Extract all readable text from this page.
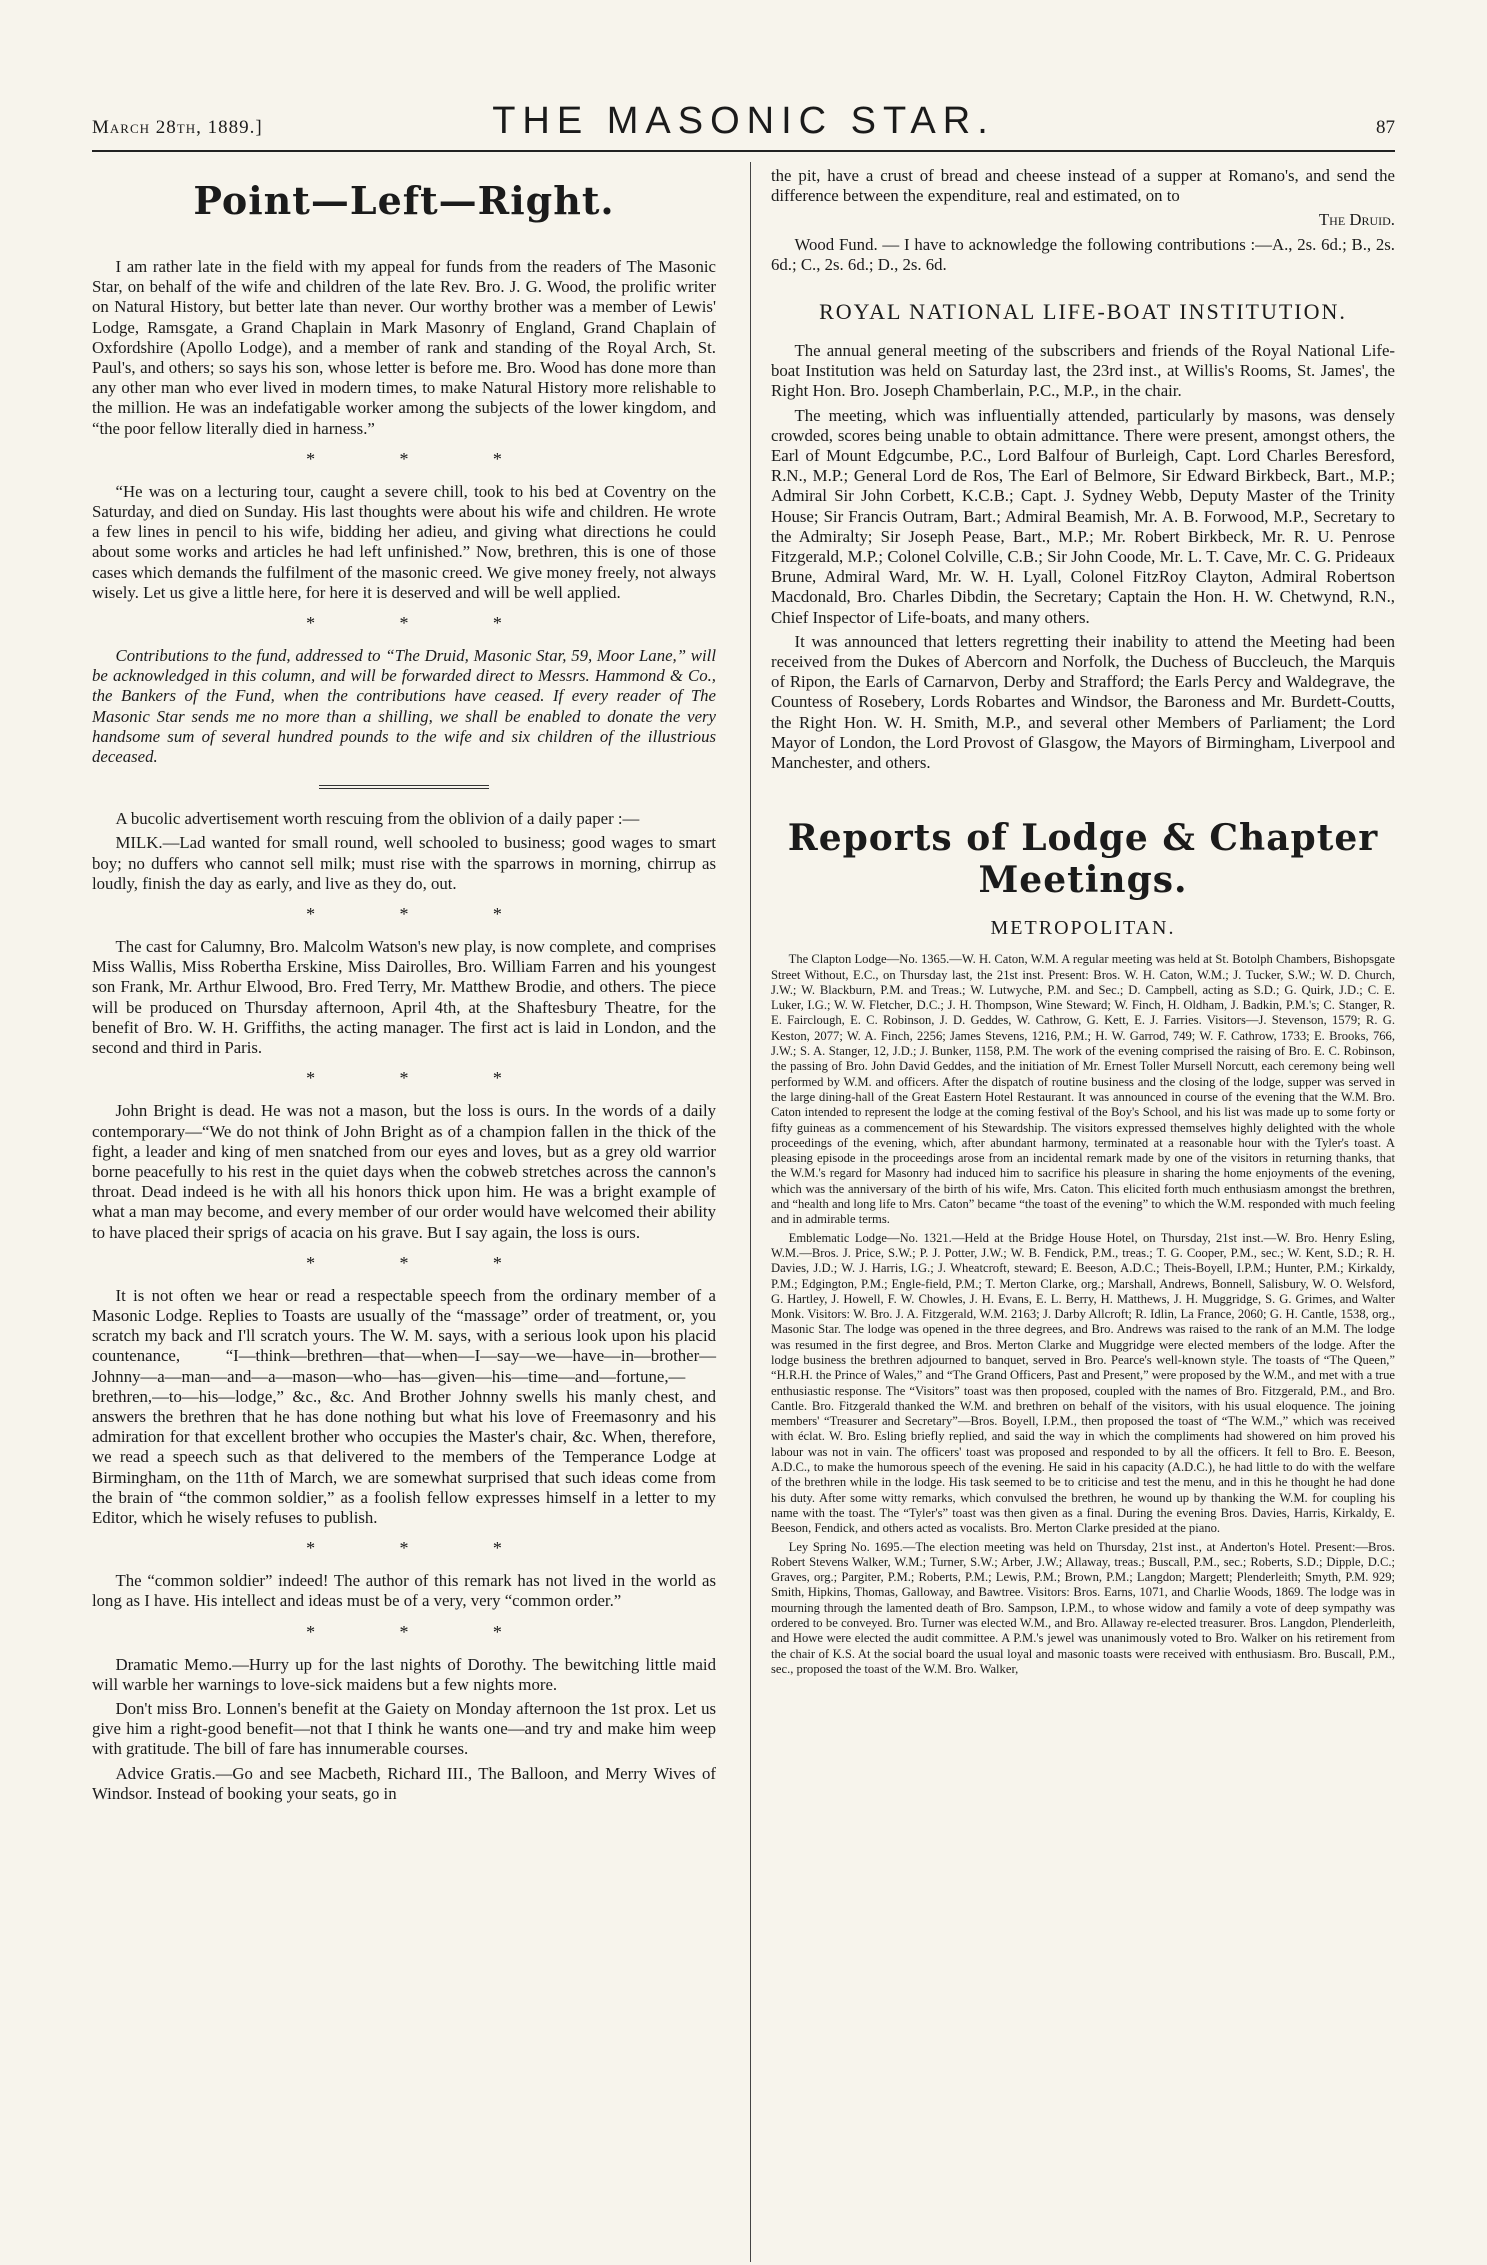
March 28th, 1889.]	THE MASONIC STAR.	87
Point—Left—Right.

I am rather late in the field with my appeal for funds from the readers of The Masonic Star, on behalf of the wife and children of the late Rev. Bro. J. G. Wood, the prolific writer on Natural History, but better late than never. Our worthy brother was a member of Lewis' Lodge, Ramsgate, a Grand Chaplain in Mark Masonry of England, Grand Chaplain of Oxfordshire (Apollo Lodge), and a member of rank and standing of the Royal Arch, St. Paul's, and others; so says his son, whose letter is before me. Bro. Wood has done more than any other man who ever lived in modern times, to make Natural History more relishable to the million. He was an indefatigable worker among the subjects of the lower kingdom, and “the poor fellow literally died in harness.”

*	*	*

“He was on a lecturing tour, caught a severe chill, took to his bed at Coventry on the Saturday, and died on Sunday. His last thoughts were about his wife and children. He wrote a few lines in pencil to his wife, bidding her adieu, and giving what directions he could about some works and articles he had left unfinished.” Now, brethren, this is one of those cases which demands the fulfilment of the masonic creed. We give money freely, not always wisely. Let us give a little here, for here it is deserved and will be well applied.

*	*	*

Contributions to the fund, addressed to “The Druid, Masonic Star, 59, Moor Lane,” will be acknowledged in this column, and will be forwarded direct to Messrs. Hammond & Co., the Bankers of the Fund, when the contributions have ceased. If every reader of The Masonic Star sends me no more than a shilling, we shall be enabled to donate the very handsome sum of several hundred pounds to the wife and six children of the illustrious deceased.

A bucolic advertisement worth rescuing from the oblivion of a daily paper :—

MILK.—Lad wanted for small round, well schooled to business; good wages to smart boy; no duffers who cannot sell milk; must rise with the sparrows in morning, chirrup as loudly, finish the day as early, and live as they do, out.

*	*	*

The cast for Calumny, Bro. Malcolm Watson's new play, is now complete, and comprises Miss Wallis, Miss Robertha Erskine, Miss Dairolles, Bro. William Farren and his youngest son Frank, Mr. Arthur Elwood, Bro. Fred Terry, Mr. Matthew Brodie, and others. The piece will be produced on Thursday afternoon, April 4th, at the Shaftesbury Theatre, for the benefit of Bro. W. H. Griffiths, the acting manager. The first act is laid in London, and the second and third in Paris.

*	*	*

John Bright is dead. He was not a mason, but the loss is ours. In the words of a daily contemporary—“We do not think of John Bright as of a champion fallen in the thick of the fight, a leader and king of men snatched from our eyes and loves, but as a grey old warrior borne peacefully to his rest in the quiet days when the cobweb stretches across the cannon's throat. Dead indeed is he with all his honors thick upon him. He was a bright example of what a man may become, and every member of our order would have welcomed their ability to have placed their sprigs of acacia on his grave. But I say again, the loss is ours.

*	*	*

It is not often we hear or read a respectable speech from the ordinary member of a Masonic Lodge. Replies to Toasts are usually of the “massage” order of treatment, or, you scratch my back and I'll scratch yours. The W. M. says, with a serious look upon his placid countenance, “I—think—brethren—that—when—I—say—we—have—in—brother—Johnny—a—man—and—a—mason—who—has—given—his—time—and—fortune,—brethren,—to—his—lodge,” &c., &c. And Brother Johnny swells his manly chest, and answers the brethren that he has done nothing but what his love of Freemasonry and his admiration for that excellent brother who occupies the Master's chair, &c. When, therefore, we read a speech such as that delivered to the members of the Temperance Lodge at Birmingham, on the 11th of March, we are somewhat surprised that such ideas come from the brain of “the common soldier,” as a foolish fellow expresses himself in a letter to my Editor, which he wisely refuses to publish.

*	*	*

The “common soldier” indeed! The author of this remark has not lived in the world as long as I have. His intellect and ideas must be of a very, very “common order.”

*	*	*

Dramatic Memo.—Hurry up for the last nights of Dorothy. The bewitching little maid will warble her warnings to love-sick maidens but a few nights more.

Don't miss Bro. Lonnen's benefit at the Gaiety on Monday afternoon the 1st prox. Let us give him a right-good benefit—not that I think he wants one—and try and make him weep with gratitude. The bill of fare has innumerable courses.

Advice Gratis.—Go and see Macbeth, Richard III., The Balloon, and Merry Wives of Windsor. Instead of booking your seats, go in

the pit, have a crust of bread and cheese instead of a supper at Romano's, and send the difference between the expenditure, real and estimated, on to

The Druid.

Wood Fund. — I have to acknowledge the following contributions :—A., 2s. 6d.; B., 2s. 6d.; C., 2s. 6d.; D., 2s. 6d.

ROYAL NATIONAL LIFE-BOAT INSTITUTION.

The annual general meeting of the subscribers and friends of the Royal National Life-boat Institution was held on Saturday last, the 23rd inst., at Willis's Rooms, St. James', the Right Hon. Bro. Joseph Chamberlain, P.C., M.P., in the chair.

The meeting, which was influentially attended, particularly by masons, was densely crowded, scores being unable to obtain admittance. There were present, amongst others, the Earl of Mount Edgcumbe, P.C., Lord Balfour of Burleigh, Capt. Lord Charles Beresford, R.N., M.P.; General Lord de Ros, The Earl of Belmore, Sir Edward Birkbeck, Bart., M.P.; Admiral Sir John Corbett, K.C.B.; Capt. J. Sydney Webb, Deputy Master of the Trinity House; Sir Francis Outram, Bart.; Admiral Beamish, Mr. A. B. Forwood, M.P., Secretary to the Admiralty; Sir Joseph Pease, Bart., M.P.; Mr. Robert Birkbeck, Mr. R. U. Penrose Fitzgerald, M.P.; Colonel Colville, C.B.; Sir John Coode, Mr. L. T. Cave, Mr. C. G. Prideaux Brune, Admiral Ward, Mr. W. H. Lyall, Colonel FitzRoy Clayton, Admiral Robertson Macdonald, Bro. Charles Dibdin, the Secretary; Captain the Hon. H. W. Chetwynd, R.N., Chief Inspector of Life-boats, and many others.

It was announced that letters regretting their inability to attend the Meeting had been received from the Dukes of Abercorn and Norfolk, the Duchess of Buccleuch, the Marquis of Ripon, the Earls of Carnarvon, Derby and Strafford; the Earls Percy and Waldegrave, the Countess of Rosebery, Lords Robartes and Windsor, the Baroness and Mr. Burdett-Coutts, the Right Hon. W. H. Smith, M.P., and several other Members of Parliament; the Lord Mayor of London, the Lord Provost of Glasgow, the Mayors of Birmingham, Liverpool and Manchester, and others.

Reports of Lodge & Chapter Meetings.
METROPOLITAN.

The Clapton Lodge—No. 1365.—W. H. Caton, W.M. A regular meeting was held at St. Botolph Chambers, Bishopsgate Street Without, E.C., on Thursday last, the 21st inst. Present: Bros. W. H. Caton, W.M.; J. Tucker, S.W.; W. D. Church, J.W.; W. Blackburn, P.M. and Treas.; W. Lutwyche, P.M. and Sec.; D. Campbell, acting as S.D.; G. Quirk, J.D.; C. E. Luker, I.G.; W. W. Fletcher, D.C.; J. H. Thompson, Wine Steward; W. Finch, H. Oldham, J. Badkin, P.M.'s; C. Stanger, R. E. Fairclough, E. C. Robinson, J. D. Geddes, W. Cathrow, G. Kett, E. J. Farries. Visitors—J. Stevenson, 1579; R. G. Keston, 2077; W. A. Finch, 2256; James Stevens, 1216, P.M.; H. W. Garrod, 749; W. F. Cathrow, 1733; E. Brooks, 766, J.W.; S. A. Stanger, 12, J.D.; J. Bunker, 1158, P.M. The work of the evening comprised the raising of Bro. E. C. Robinson, the passing of Bro. John David Geddes, and the initiation of Mr. Ernest Toller Mursell Norcutt, each ceremony being well performed by W.M. and officers. After the dispatch of routine business and the closing of the lodge, supper was served in the large dining-hall of the Great Eastern Hotel Restaurant. It was announced in course of the evening that the W.M. Bro. Caton intended to represent the lodge at the coming festival of the Boy's School, and his list was made up to some forty or fifty guineas as a commencement of his Stewardship. The visitors expressed themselves highly delighted with the whole proceedings of the evening, which, after abundant harmony, terminated at a reasonable hour with the Tyler's toast. A pleasing episode in the proceedings arose from an incidental remark made by one of the visitors in returning thanks, that the W.M.'s regard for Masonry had induced him to sacrifice his pleasure in sharing the home enjoyments of the evening, which was the anniversary of the birth of his wife, Mrs. Caton. This elicited forth much enthusiasm amongst the brethren, and “health and long life to Mrs. Caton” became “the toast of the evening” to which the W.M. responded with much feeling and in admirable terms.

Emblematic Lodge—No. 1321.—Held at the Bridge House Hotel, on Thursday, 21st inst.—W. Bro. Henry Esling, W.M.—Bros. J. Price, S.W.; P. J. Potter, J.W.; W. B. Fendick, P.M., treas.; T. G. Cooper, P.M., sec.; W. Kent, S.D.; R. H. Davies, J.D.; W. J. Harris, I.G.; J. Wheatcroft, steward; E. Beeson, A.D.C.; Theis-Boyell, I.P.M.; Hunter, P.M.; Kirkaldy, P.M.; Edgington, P.M.; Engle-field, P.M.; T. Merton Clarke, org.; Marshall, Andrews, Bonnell, Salisbury, W. O. Welsford, G. Hartley, J. Howell, F. W. Chowles, J. H. Evans, E. L. Berry, H. Matthews, J. H. Muggridge, S. G. Grimes, and Walter Monk. Visitors: W. Bro. J. A. Fitzgerald, W.M. 2163; J. Darby Allcroft; R. Idlin, La France, 2060; G. H. Cantle, 1538, org., Masonic Star. The lodge was opened in the three degrees, and Bro. Andrews was raised to the rank of an M.M. The lodge was resumed in the first degree, and Bros. Merton Clarke and Muggridge were elected members of the lodge. After the lodge business the brethren adjourned to banquet, served in Bro. Pearce's well-known style. The toasts of “The Queen,” “H.R.H. the Prince of Wales,” and “The Grand Officers, Past and Present,” were proposed by the W.M., and met with a true enthusiastic response. The “Visitors” toast was then proposed, coupled with the names of Bro. Fitzgerald, P.M., and Bro. Cantle. Bro. Fitzgerald thanked the W.M. and brethren on behalf of the visitors, with his usual eloquence. The joining members' “Treasurer and Secretary”—Bros. Boyell, I.P.M., then proposed the toast of “The W.M.,” which was received with éclat. W. Bro. Esling briefly replied, and said the way in which the compliments had showered on him proved his labour was not in vain. The officers' toast was proposed and responded to by all the officers. It fell to Bro. E. Beeson, A.D.C., to make the humorous speech of the evening. He said in his capacity (A.D.C.), he had little to do with the welfare of the brethren while in the lodge. His task seemed to be to criticise and test the menu, and in this he thought he had done his duty. After some witty remarks, which convulsed the brethren, he wound up by thanking the W.M. for coupling his name with the toast. The “Tyler's” toast was then given as a final. During the evening Bros. Davies, Harris, Kirkaldy, E. Beeson, Fendick, and others acted as vocalists. Bro. Merton Clarke presided at the piano.

Ley Spring No. 1695.—The election meeting was held on Thursday, 21st inst., at Anderton's Hotel. Present:—Bros. Robert Stevens Walker, W.M.; Turner, S.W.; Arber, J.W.; Allaway, treas.; Buscall, P.M., sec.; Roberts, S.D.; Dipple, D.C.; Graves, org.; Pargiter, P.M.; Roberts, P.M.; Lewis, P.M.; Brown, P.M.; Langdon; Margett; Plenderleith; Smyth, P.M. 929; Smith, Hipkins, Thomas, Galloway, and Bawtree. Visitors: Bros. Earns, 1071, and Charlie Woods, 1869. The lodge was in mourning through the lamented death of Bro. Sampson, I.P.M., to whose widow and family a vote of deep sympathy was ordered to be conveyed. Bro. Turner was elected W.M., and Bro. Allaway re-elected treasurer. Bros. Langdon, Plenderleith, and Howe were elected the audit committee. A P.M.'s jewel was unanimously voted to Bro. Walker on his retirement from the chair of K.S. At the social board the usual loyal and masonic toasts were received with enthusiasm. Bro. Buscall, P.M., sec., proposed the toast of the W.M. Bro. Walker,
